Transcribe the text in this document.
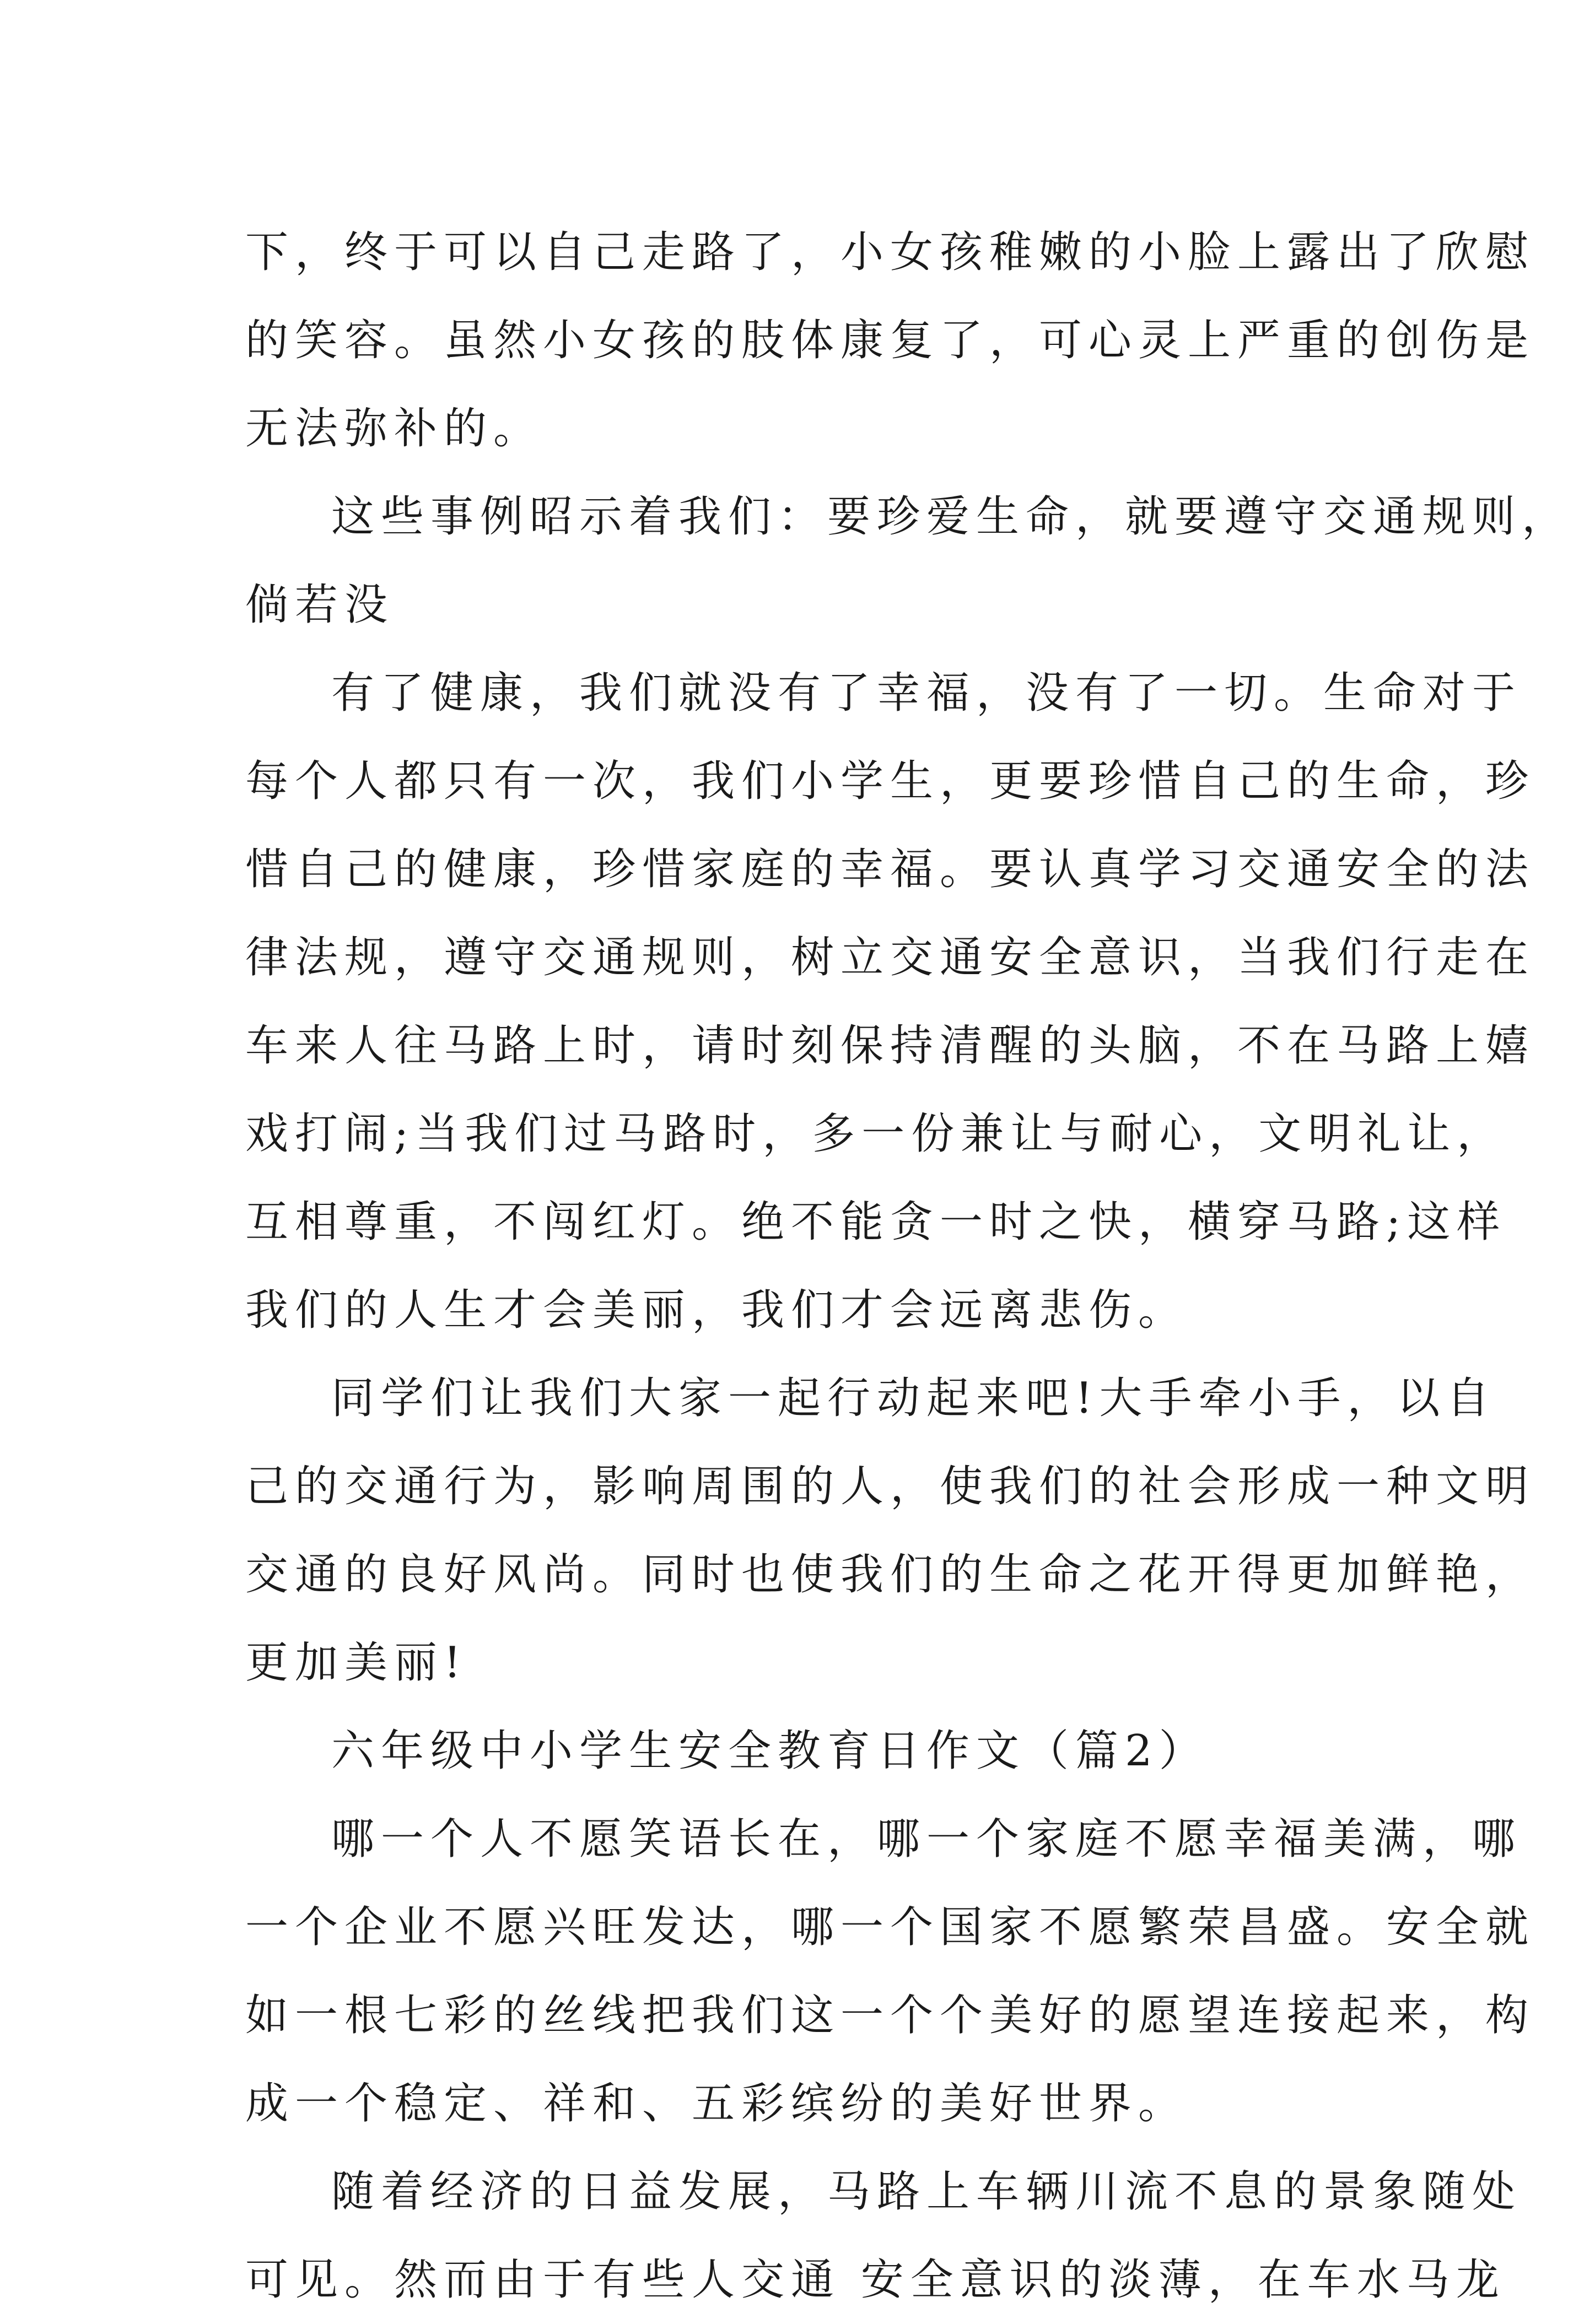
下，终于可以自己走路了，小女孩稚嫩的小脸上露出了欣慰
的笑容。虽然小女孩的肢体康复了，可心灵上严重的创伤是
无法弥补的。
这些事例昭示着我们：要珍爱生命，就要遵守交通规则，
倘若没
有了健康，我们就没有了幸福，没有了一切。生命对于
每个人都只有一次，我们小学生，更要珍惜自己的生命，珍
惜自己的健康，珍惜家庭的幸福。要认真学习交通安全的法
律法规，遵守交通规则，树立交通安全意识，当我们行走在
车来人往马路上时，请时刻保持清醒的头脑，不在马路上嬉
戏打闹;当我们过马路时，多一份兼让与耐心，文明礼让，
互相尊重，不闯红灯。绝不能贪一时之快，横穿马路;这样
我们的人生才会美丽，我们才会远离悲伤。
同学们让我们大家一起行动起来吧!大手牵小手，以自
己的交通行为，影响周围的人，使我们的社会形成一种文明
交通的良好风尚。同时也使我们的生命之花开得更加鲜艳，
更加美丽!
六年级中小学生安全教育日作文（篇2）
哪一个人不愿笑语长在，哪一个家庭不愿幸福美满，哪
一个企业不愿兴旺发达，哪一个国家不愿繁荣昌盛。安全就
如一根七彩的丝线把我们这一个个美好的愿望连接起来，构
成一个稳定、祥和、五彩缤纷的美好世界。
随着经济的日益发展，马路上车辆川流不息的景象随处
可见。然而由于有些人交通 安全意识的淡薄，在车水马龙
